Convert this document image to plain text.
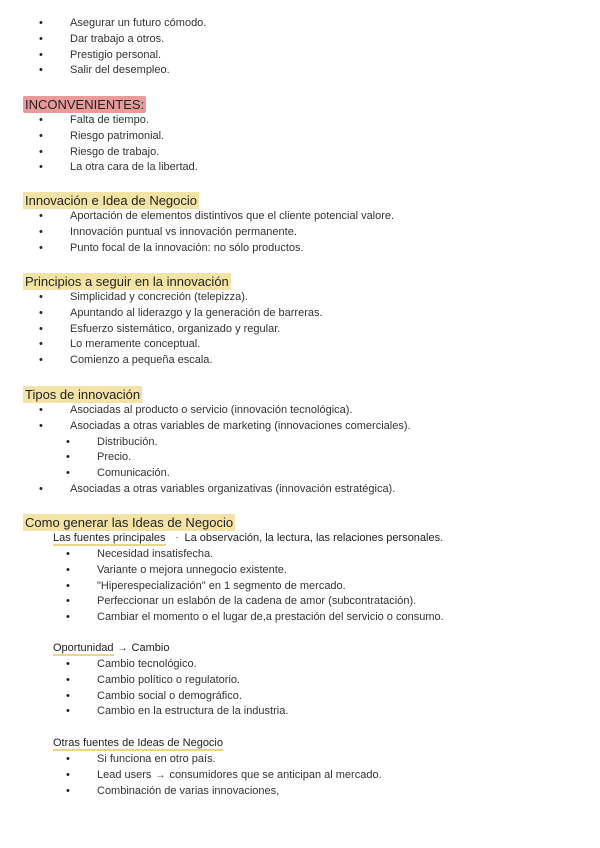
• Asegurar un futuro cómodo.
• Dar trabajo a otros.
• Prestigio personal.
• Salir del desempleo.
INCONVENIENTES:
• Falta de tiempo.
• Riesgo patrimonial.
• Riesgo de trabajo.
• La otra cara de la libertad.
Innovación e Idea de Negocio
• Aportación de elementos distintivos que el cliente potencial valore.
• Innovación puntual vs innovación permanente.
• Punto focal de la innovación: no sólo productos.
Principios a seguir en la innovación
• Simplicidad y concreción (telepizza).
• Apuntando al liderazgo y la generación de barreras.
• Esfuerzo sistemático, organizado y regular.
• Lo meramente conceptual.
• Comienzo a pequeña escala.
Tipos de innovación
• Asociadas al producto o servicio (innovación tecnológica).
• Asociadas a otras variables de marketing (innovaciones comerciales).
• Distribución.
• Precio.
• Comunicación.
• Asociadas a otras variables organizativas (innovación estratégica).
Como generar las Ideas de Negocio
Las fuentes principales · La observación, la lectura, las relaciones personales.
• Necesidad insatisfecha.
• Variante o mejora unnegocio existente.
• "Hiperespecialización" en 1 segmento de mercado.
• Perfeccionar un eslabón de la cadena de amor (subcontratación).
• Cambiar el momento o el lugar de,a prestación del servicio o consumo.
Oportunidad → Cambio
• Cambio tecnológico.
• Cambio político o regulatorio.
• Cambio social o demográfico.
• Cambio en la estructura de la industria.
Otras fuentes de Ideas de Negocio
• Si funciona en otro país.
• Lead users → consumidores que se anticipan al mercado.
• Combinación de varias innovaciones,
